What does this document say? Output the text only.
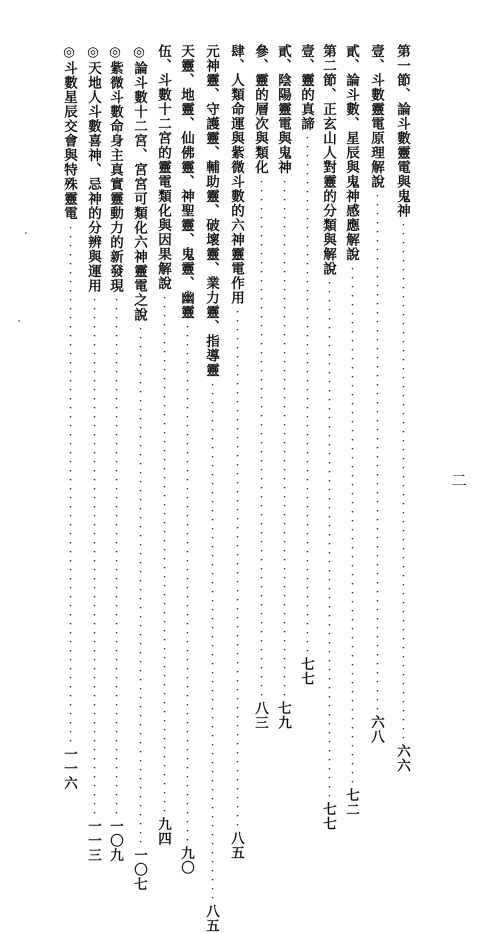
第一節、論斗數靈電與鬼神
・・・・・・・・・・・・・・・・・・・・・・・・・・・・・・・・・・・・・・・・・・・・・・・・・・・・・・・・・・
六六
壹、斗數靈電原理解說
・・・・・・・・・・・・・・・・・・・・・・・・・・・・・・・・・・・・・・・・・・・・・・・・・・・・・・・・・・
六八
貳、論斗數、星辰與鬼神感應解說
・・・・・・・・・・・・・・・・・・・・・・・・・・・・・・・・・・・・・・・・・・・・・・・・・・・・・・・・・・
七二
第二節、正玄山人對靈的分類與解說
・・・・・・・・・・・・・・・・・・・・・・・・・・・・・・・・・・・・・・・・・・・・・・・・・・・・・・・・・・
七七
壹、靈的真諦
・・・・・・・・・・・・・・・・・・・・・・・・・・・・・・・・・・・・・・・・・・・・・・・・・・・・・・・・・・
七七
貳、陰陽靈電與鬼神
・・・・・・・・・・・・・・・・・・・・・・・・・・・・・・・・・・・・・・・・・・・・・・・・・・・・・・・・・・
七九
參、靈的層次與類化
・・・・・・・・・・・・・・・・・・・・・・・・・・・・・・・・・・・・・・・・・・・・・・・・・・・・・・・・・・
八三
肆、人類命運與紫微斗數的六神靈電作用
・・・・・・・・・・・・・・・・・・・・・・・・・・・・・・・・・・・・・・・・・・・・・・・・・・・・・・・・・・
八五
元神靈、守護靈、輔助靈、破壞靈、業力靈、指導靈
・・・・・・・・・・・・・・・・・・・・・・・・・・・・・・・・・・・・・・・・・・・・・・・・・・・・・・・・・・
八五
天靈、地靈、仙佛靈、神聖靈、鬼靈、幽靈
・・・・・・・・・・・・・・・・・・・・・・・・・・・・・・・・・・・・・・・・・・・・・・・・・・・・・・・・・・
九〇
伍、斗數十二宮的靈電類化與因果解說
・・・・・・・・・・・・・・・・・・・・・・・・・・・・・・・・・・・・・・・・・・・・・・・・・・・・・・・・・・
九四
◎論斗數十二宮、宮宮可類化六神靈電之說
・・・・・・・・・・・・・・・・・・・・・・・・・・・・・・・・・・・・・・・・・・・・・・・・・・・・・・・・・・
一〇七
◎紫微斗數命身主真實靈動力的新發現
・・・・・・・・・・・・・・・・・・・・・・・・・・・・・・・・・・・・・・・・・・・・・・・・・・・・・・・・・・
一〇九
◎天地人斗數喜神、忌神的分辨與運用
・・・・・・・・・・・・・・・・・・・・・・・・・・・・・・・・・・・・・・・・・・・・・・・・・・・・・・・・・・
一一三
◎斗數星辰交會與特殊靈電
・・・・・・・・・・・・・・・・・・・・・・・・・・・・・・・・・・・・・・・・・・・・・・・・・・・・・・・・・・
一一六
二
